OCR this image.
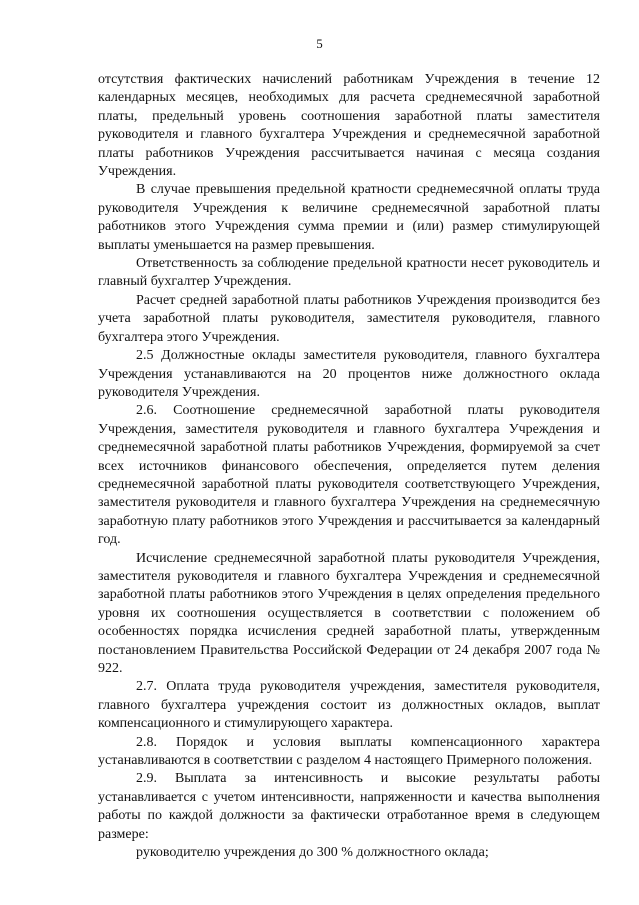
5

отсутствия фактических начислений работникам Учреждения в течение 12 календарных месяцев, необходимых для расчета среднемесячной заработной платы, предельный уровень соотношения заработной платы заместителя руководителя и главного бухгалтера Учреждения и среднемесячной заработной платы работников Учреждения рассчитывается начиная с месяца создания Учреждения.

В случае превышения предельной кратности среднемесячной оплаты труда руководителя Учреждения к величине среднемесячной заработной платы работников этого Учреждения сумма премии и (или) размер стимулирующей выплаты уменьшается на размер превышения.

Ответственность за соблюдение предельной кратности несет руководитель и главный бухгалтер Учреждения.

Расчет средней заработной платы работников Учреждения производится без учета заработной платы руководителя, заместителя руководителя, главного бухгалтера этого Учреждения.

2.5 Должностные оклады заместителя руководителя, главного бухгалтера Учреждения устанавливаются на 20 процентов ниже должностного оклада руководителя Учреждения.

2.6. Соотношение среднемесячной заработной платы руководителя Учреждения, заместителя руководителя и главного бухгалтера Учреждения и среднемесячной заработной платы работников Учреждения, формируемой за счет всех источников финансового обеспечения, определяется путем деления среднемесячной заработной платы руководителя соответствующего Учреждения, заместителя руководителя и главного бухгалтера Учреждения на среднемесячную заработную плату работников этого Учреждения и рассчитывается за календарный год.

Исчисление среднемесячной заработной платы руководителя Учреждения, заместителя руководителя и главного бухгалтера Учреждения и среднемесячной заработной платы работников этого Учреждения в целях определения предельного уровня их соотношения осуществляется в соответствии с положением об особенностях порядка исчисления средней заработной платы, утвержденным постановлением Правительства Российской Федерации от 24 декабря 2007 года № 922.

2.7. Оплата труда руководителя учреждения, заместителя руководителя, главного бухгалтера учреждения состоит из должностных окладов, выплат компенсационного и стимулирующего характера.

2.8. Порядок и условия выплаты компенсационного характера устанавливаются в соответствии с разделом 4 настоящего Примерного положения.

2.9. Выплата за интенсивность и высокие результаты работы устанавливается с учетом интенсивности, напряженности и качества выполнения работы по каждой должности за фактически отработанное время в следующем размере:

руководителю учреждения до 300 % должностного оклада;
